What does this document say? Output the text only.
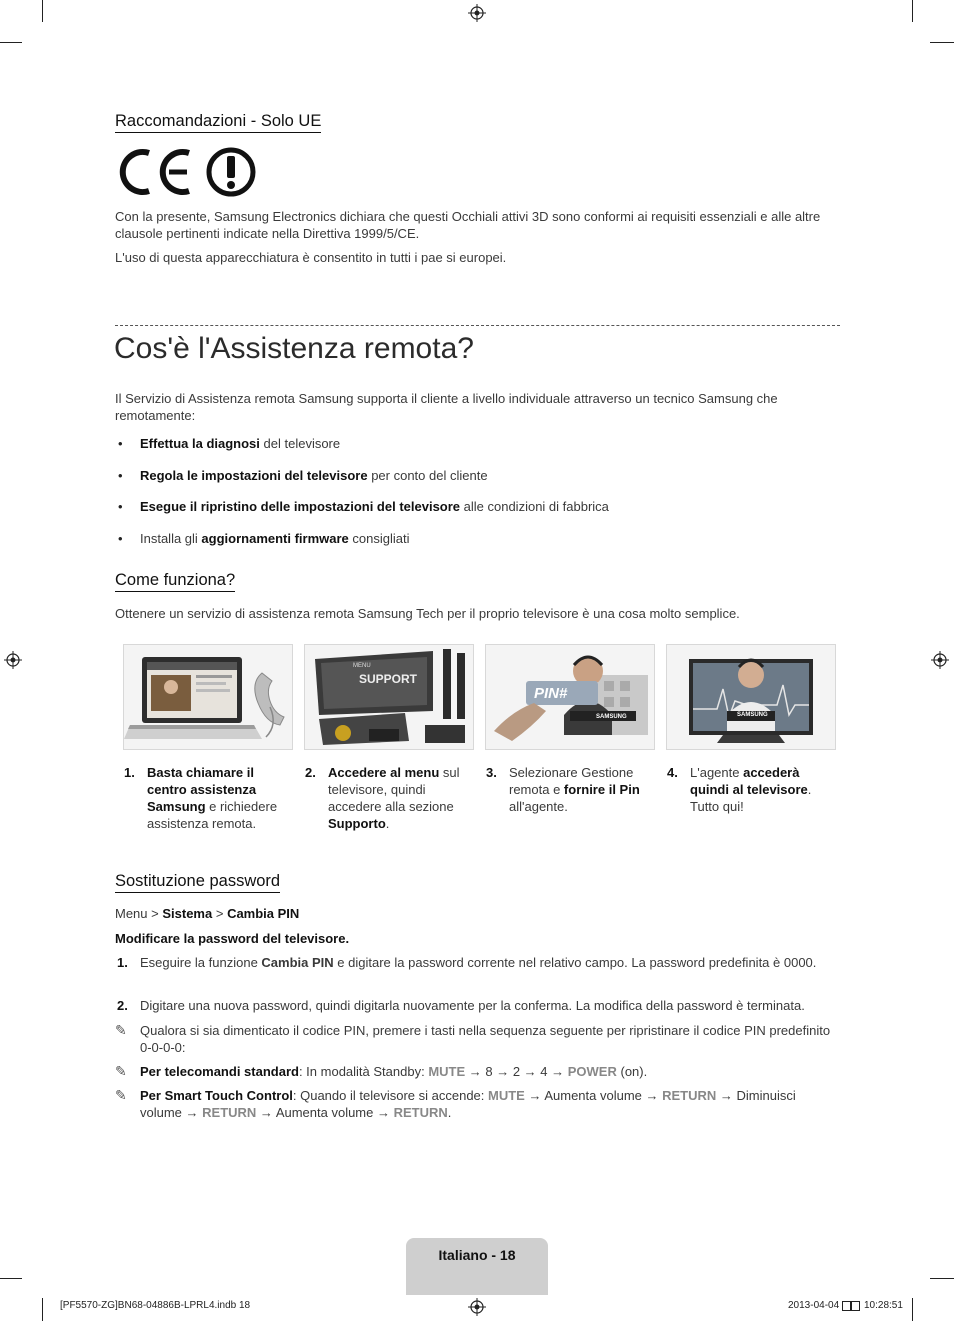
Raccomandazioni - Solo UE
Con la presente, Samsung Electronics dichiara che questi Occhiali attivi 3D sono conformi ai requisiti essenziali e alle altre clausole pertinenti indicate nella Direttiva 1999/5/CE.
L'uso di questa apparecchiatura è consentito in tutti i pae si europei.
Cos'è l'Assistenza remota?
Il Servizio di Assistenza remota Samsung supporta il cliente a livello individuale attraverso un tecnico Samsung che remotamente:
• Effettua la diagnosi del televisore
• Regola le impostazioni del televisore per conto del cliente
• Esegue il ripristino delle impostazioni del televisore alle condizioni di fabbrica
• Installa gli aggiornamenti firmware consigliati
Come funziona?
Ottenere un servizio di assistenza remota Samsung Tech per il proprio televisore è una cosa molto semplice.
MENU
SUPPORT
PIN#
SAMSUNG	SAMSUNG
1. Basta chiamare il centro assistenza Samsung e richiedere assistenza remota.
2. Accedere al menu sul televisore, quindi accedere alla sezione Supporto.
3. Selezionare Gestione remota e fornire il Pin all'agente.
4. L'agente accederà quindi al televisore. Tutto qui!
Sostituzione password
Menu > Sistema > Cambia PIN
Modificare la password del televisore.
1. Eseguire la funzione Cambia PIN e digitare la password corrente nel relativo campo. La password predefinita è 0000.
2. Digitare una nuova password, quindi digitarla nuovamente per la conferma. La modifica della password è terminata.
✎ Qualora si sia dimenticato il codice PIN, premere i tasti nella sequenza seguente per ripristinare il codice PIN predefinito 0-0-0-0:
✎ Per telecomandi standard: In modalità Standby: MUTE → 8 → 2 → 4 → POWER (on).
✎ Per Smart Touch Control: Quando il televisore si accende: MUTE → Aumenta volume → RETURN → Diminuisci volume → RETURN → Aumenta volume → RETURN.
Italiano - 18
[PF5570-ZG]BN68-04886B-LPRL4.indb 18	2013-04-04 10:28:51
